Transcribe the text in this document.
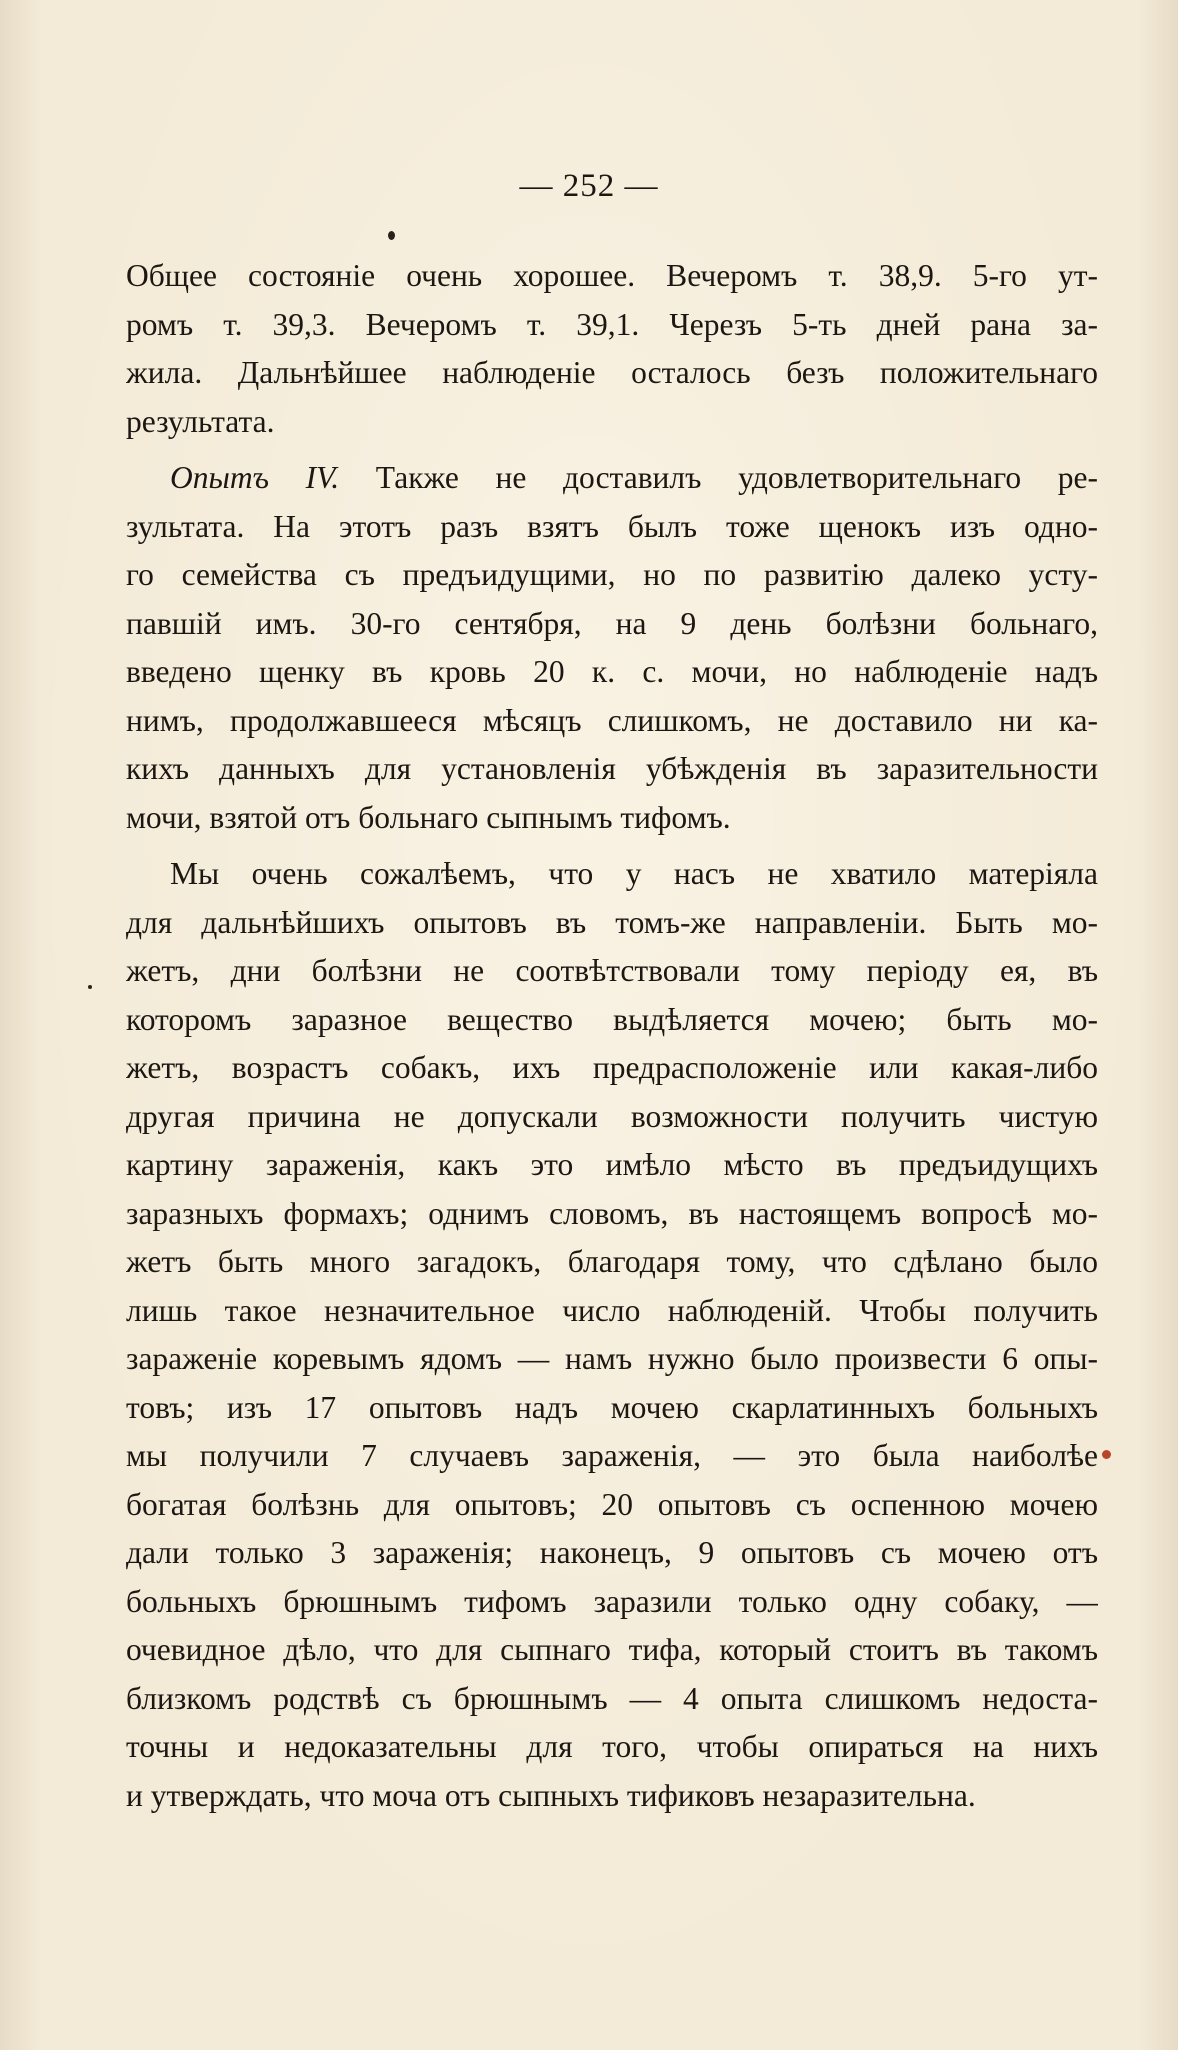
— 252 —
Общее состоянiе очень хорошее. Вечеромъ т. 38,9. 5-го ут-
ромъ т. 39,3. Вечеромъ т. 39,1. Черезъ 5-ть дней рана за-
жила. Дальнѣйшее наблюденiе осталось безъ положительнаго
результата.
Опытъ IV. Также не доставилъ удовлетворительнаго ре-
зультата. На этотъ разъ взятъ былъ тоже щенокъ изъ одно-
го семейства съ предъидущими, но по развитiю далеко усту-
павшiй имъ. 30-го сентября, на 9 день болѣзни больнаго,
введено щенку въ кровь 20 к. с. мочи, но наблюденiе надъ
нимъ, продолжавшееся мѣсяцъ слишкомъ, не доставило ни ка-
кихъ данныхъ для установленiя убѣжденiя въ заразительности
мочи, взятой отъ больнаго сыпнымъ тифомъ.
Мы очень сожалѣемъ, что у насъ не хватило матерiяла
для дальнѣйшихъ опытовъ въ томъ-же направленiи. Быть мо-
жетъ, дни болѣзни не соотвѣтствовали тому перiоду ея, въ
которомъ заразное вещество выдѣляется мочею; быть мо-
жетъ, возрастъ собакъ, ихъ предрасположенiе или какая-либо
другая причина не допускали возможности получить чистую
картину зараженiя, какъ это имѣло мѣсто въ предъидущихъ
заразныхъ формахъ; однимъ словомъ, въ настоящемъ вопросѣ мо-
жетъ быть много загадокъ, благодаря тому, что сдѣлано было
лишь такое незначительное число наблюденiй. Чтобы получить
зараженiе коревымъ ядомъ — намъ нужно было произвести 6 опы-
товъ; изъ 17 опытовъ надъ мочею скарлатинныхъ больныхъ
мы получили 7 случаевъ зараженiя, — это была наиболѣе
богатая болѣзнь для опытовъ; 20 опытовъ съ оспенною мочею
дали только 3 зараженiя; наконецъ, 9 опытовъ съ мочею отъ
больныхъ брюшнымъ тифомъ заразили только одну собаку, —
очевидное дѣло, что для сыпнаго тифа, который стоитъ въ такомъ
близкомъ родствѣ съ брюшнымъ — 4 опыта слишкомъ недоста-
точны и недоказательны для того, чтобы опираться на нихъ
и утверждать, что моча отъ сыпныхъ тификовъ незаразительна.
